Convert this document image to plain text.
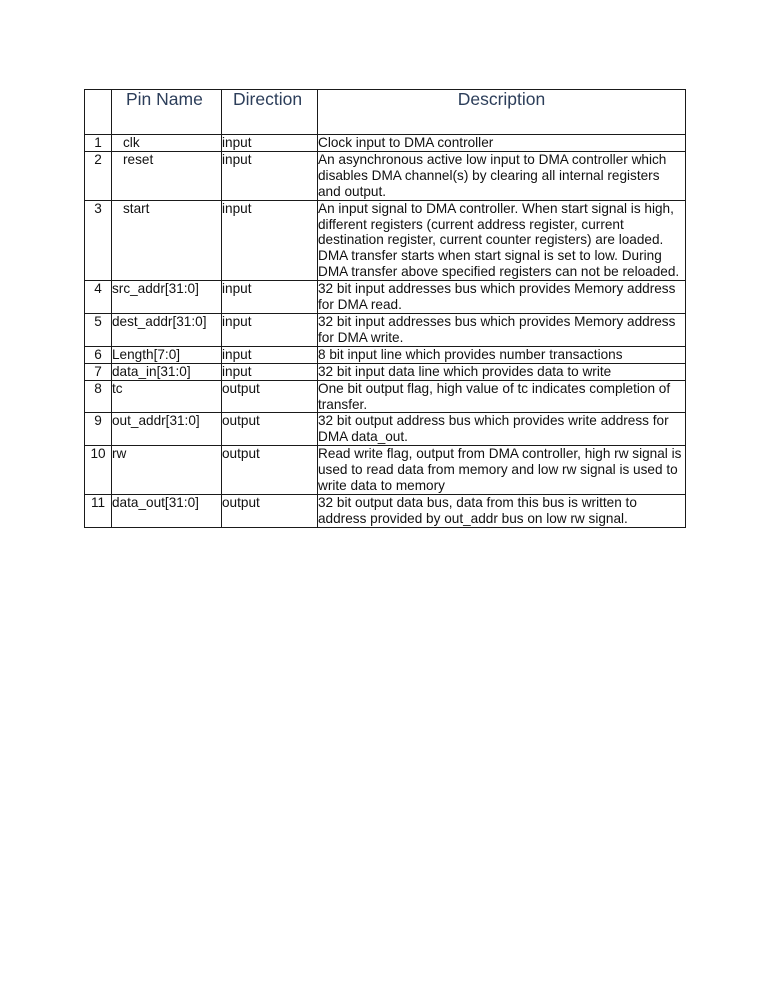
	Pin Name	Direction	Description
1	clk	input	Clock input to DMA controller
2	reset	input	An asynchronous active low input to DMA controller which disables DMA channel(s) by clearing all internal registers and output.
3	start	input	An input signal to DMA controller. When start signal is high, different registers (current address register, current destination register, current counter registers) are loaded. DMA transfer starts when start signal is set to low. During DMA transfer above specified registers can not be reloaded.
4	src_addr[31:0]	input	32 bit input addresses bus which provides Memory address for DMA read.
5	dest_addr[31:0]	input	32 bit input addresses bus which provides Memory address for DMA write.
6	Length[7:0]	input	8 bit input line which provides number transactions
7	data_in[31:0]	input	32 bit input data line which provides data to write
8	tc	output	One bit output flag, high value of tc indicates completion of transfer.
9	out_addr[31:0]	output	32 bit output address bus which provides write address for DMA data_out.
10	rw	output	Read write flag, output from DMA controller, high rw signal is used to read data from memory and low rw signal is used to write data to memory
11	data_out[31:0]	output	32 bit output data bus, data from this bus is written to address provided by out_addr bus on low rw signal.
